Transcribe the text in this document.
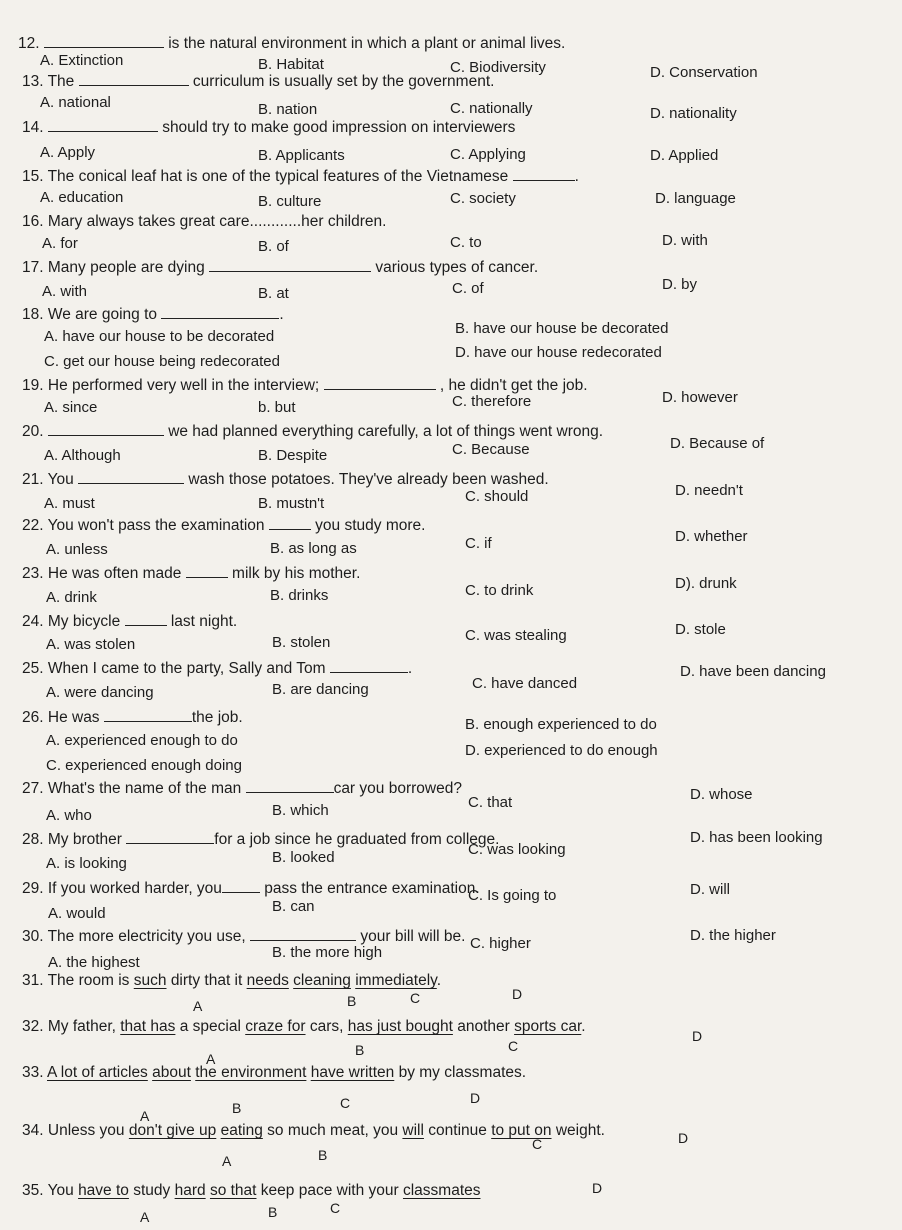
12.	is the natural environment in which a plant or animal lives.
A. Extinction	B. Habitat	C. Biodiversity	D. Conservation
13. The	curriculum is usually set by the government.
A. national	B. nation	C. nationally	D. nationality
14.	should try to make good impression on interviewers
A. Apply	B. Applicants	C. Applying	D. Applied
15. The conical leaf hat is one of the typical features of the Vietnamese	.
A. education	B. culture	C. society	D. language
16. Mary always takes great care............her children.
A. for	B. of	C. to	D. with
17. Many people are dying	various types of cancer.
A. with	B. at	C. of	D. by
18. We are going to	.
A. have our house to be decorated	B. have our house be decorated
C. get our house being redecorated
D. have our house redecorated
19. He performed very well in the interview;	, he didn't get the job.
A. since	b. but	C. therefore	D. however
20.	we had planned everything carefully, a lot of things went wrong.
A. Although	B. Despite	C. Because	D. Because of
21. You	wash those potatoes. They've already been washed.
A. must	B. mustn't	C. should	D. needn't
22. You won't pass the examination	you study more.
A. unless	B. as long as	C. if	D. whether
23. He was often made	milk by his mother.
A. drink	B. drinks	C. to drink	D). drunk
24. My bicycle	last night.
A. was stolen	B. stolen	C. was stealing	D. stole
25. When I came to the party, Sally and Tom	.
A. were dancing	B. are dancing	C. have danced
D. have been dancing
26. He was	the job.
A. experienced enough to do
B. enough experienced to do
C. experienced enough doing
D. experienced to do enough
27. What's the name of the man	car you borrowed?
A. who	B. which	C. that	D. whose
28. My brother	for a job since he graduated from college.
A. is looking	B. looked	C. was looking
D. has been looking
29. If you worked harder, you	pass the entrance examination.
A. would	B. can
C. Is going to	D. will
30. The more electricity you use,	your bill will be.
A. the highest
B. the more high
C. higher	D. the higher
31. The room is such dirty that it needs cleaning immediately.
A	B	C	D
32. My father, that has a special craze for cars, has just bought another sports car.
A
B	C
D
33. A lot of articles about the environment have written by my classmates.
A	B	C	D
34. Unless you don't give up eating so much meat, you will continue to put on weight.
A	B
C	D
35. You have to study hard so that keep pace with your classmates
A	B	C
D
